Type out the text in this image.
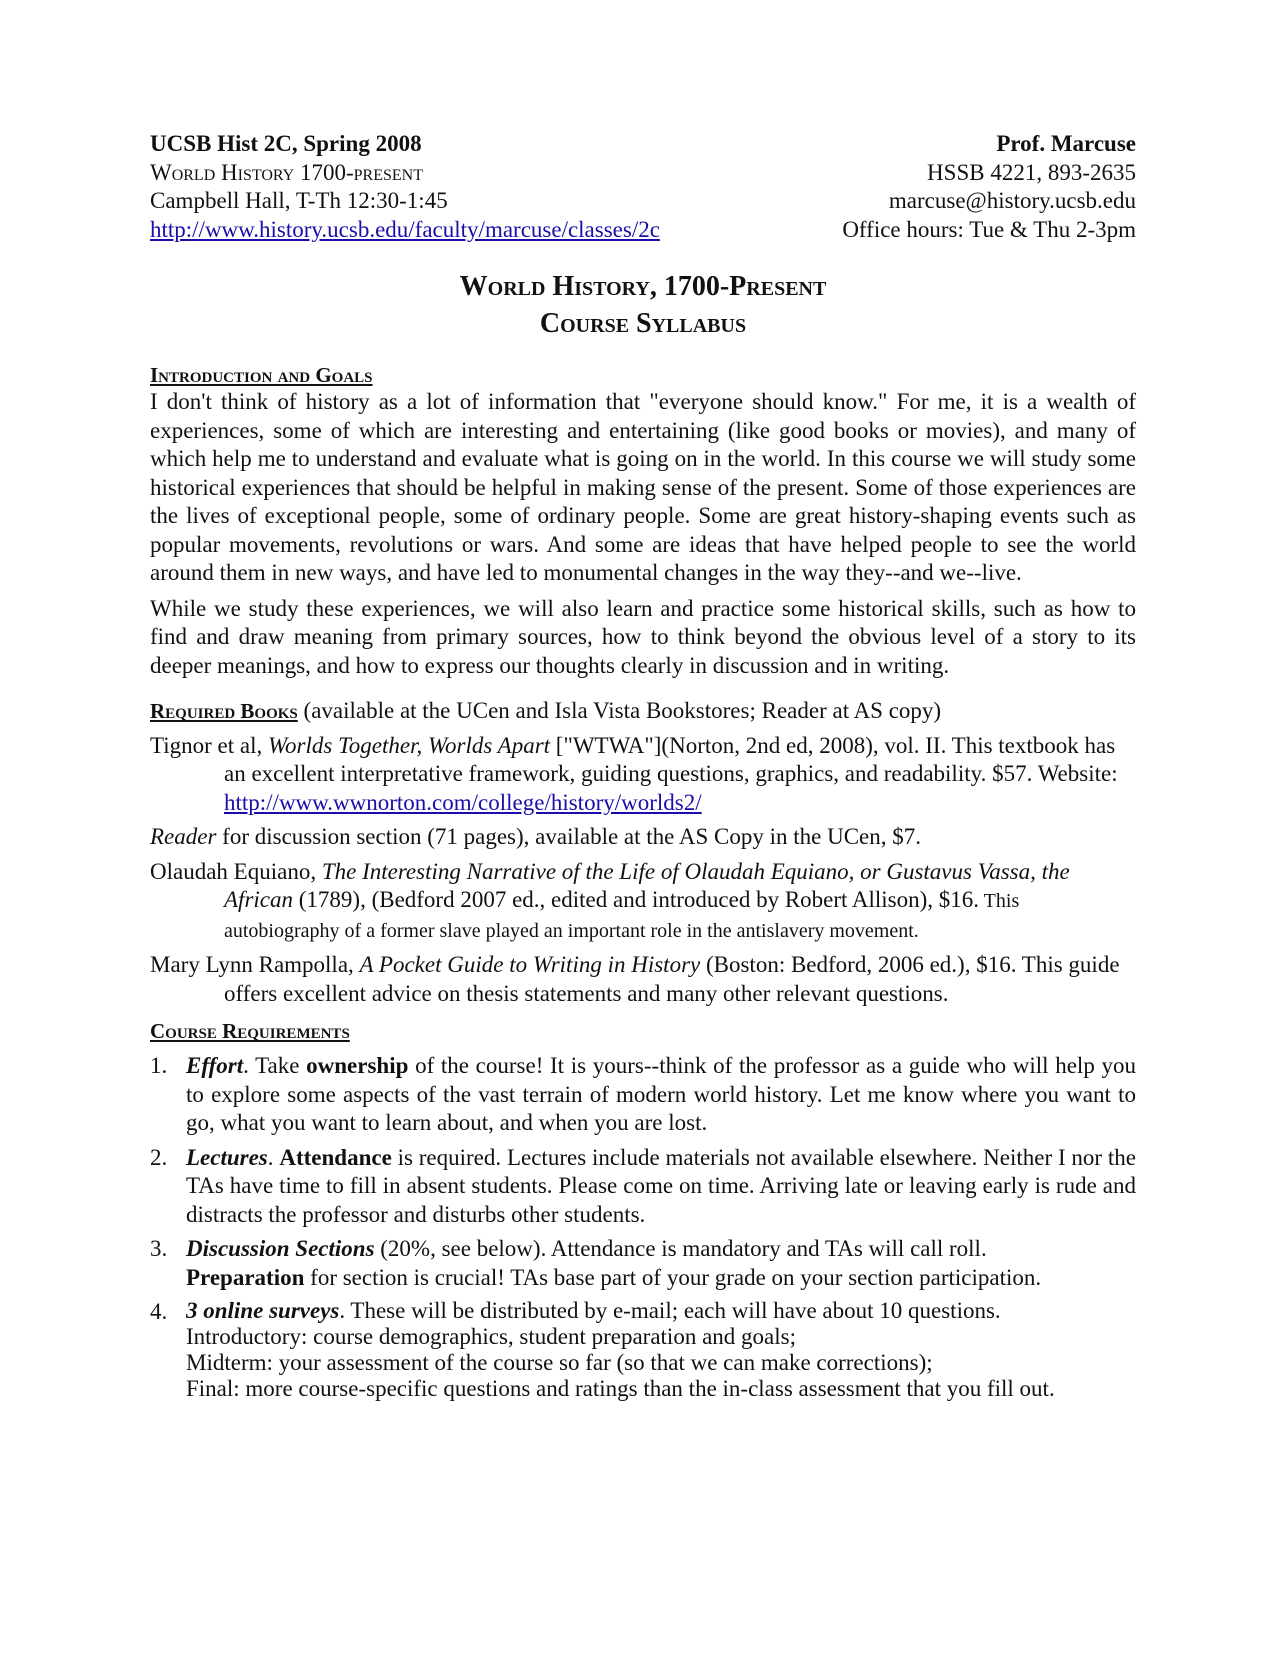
UCSB Hist 2C, Spring 2008
World History 1700-present
Campbell Hall, T-Th 12:30-1:45
http://www.history.ucsb.edu/faculty/marcuse/classes/2c
Prof. Marcuse
HSSB 4221, 893-2635
marcuse@history.ucsb.edu
Office hours: Tue & Thu 2-3pm
World History, 1700-Present
Course Syllabus
Introduction and Goals

I don't think of history as a lot of information that "everyone should know." For me, it is a wealth of experiences, some of which are interesting and entertaining (like good books or movies), and many of which help me to understand and evaluate what is going on in the world. In this course we will study some historical experiences that should be helpful in making sense of the present. Some of those experiences are the lives of exceptional people, some of ordinary people. Some are great history-shaping events such as popular movements, revolutions or wars. And some are ideas that have helped people to see the world around them in new ways, and have led to monumental changes in the way they--and we--live.

While we study these experiences, we will also learn and practice some historical skills, such as how to find and draw meaning from primary sources, how to think beyond the obvious level of a story to its deeper meanings, and how to express our thoughts clearly in discussion and in writing.

Required Books (available at the UCen and Isla Vista Bookstores; Reader at AS copy)
Tignor et al, Worlds Together, Worlds Apart ["WTWA"](Norton, 2nd ed, 2008), vol. II. This textbook has an excellent interpretative framework, guiding questions, graphics, and readability. $57. Website: http://www.wwnorton.com/college/history/worlds2/
Reader for discussion section (71 pages), available at the AS Copy in the UCen, $7.
Olaudah Equiano, The Interesting Narrative of the Life of Olaudah Equiano, or Gustavus Vassa, the African (1789), (Bedford 2007 ed., edited and introduced by Robert Allison), $16. This autobiography of a former slave played an important role in the antislavery movement.
Mary Lynn Rampolla, A Pocket Guide to Writing in History (Boston: Bedford, 2006 ed.), $16. This guide offers excellent advice on thesis statements and many other relevant questions.
Course Requirements
1. Effort. Take ownership of the course! It is yours--think of the professor as a guide who will help you to explore some aspects of the vast terrain of modern world history. Let me know where you want to go, what you want to learn about, and when you are lost.
2. Lectures. Attendance is required. Lectures include materials not available elsewhere. Neither I nor the TAs have time to fill in absent students. Please come on time. Arriving late or leaving early is rude and distracts the professor and disturbs other students.
3. Discussion Sections (20%, see below). Attendance is mandatory and TAs will call roll.
Preparation for section is crucial! TAs base part of your grade on your section participation.
4. 3 online surveys. These will be distributed by e-mail; each will have about 10 questions.
Introductory: course demographics, student preparation and goals;
Midterm: your assessment of the course so far (so that we can make corrections);
Final: more course-specific questions and ratings than the in-class assessment that you fill out.
